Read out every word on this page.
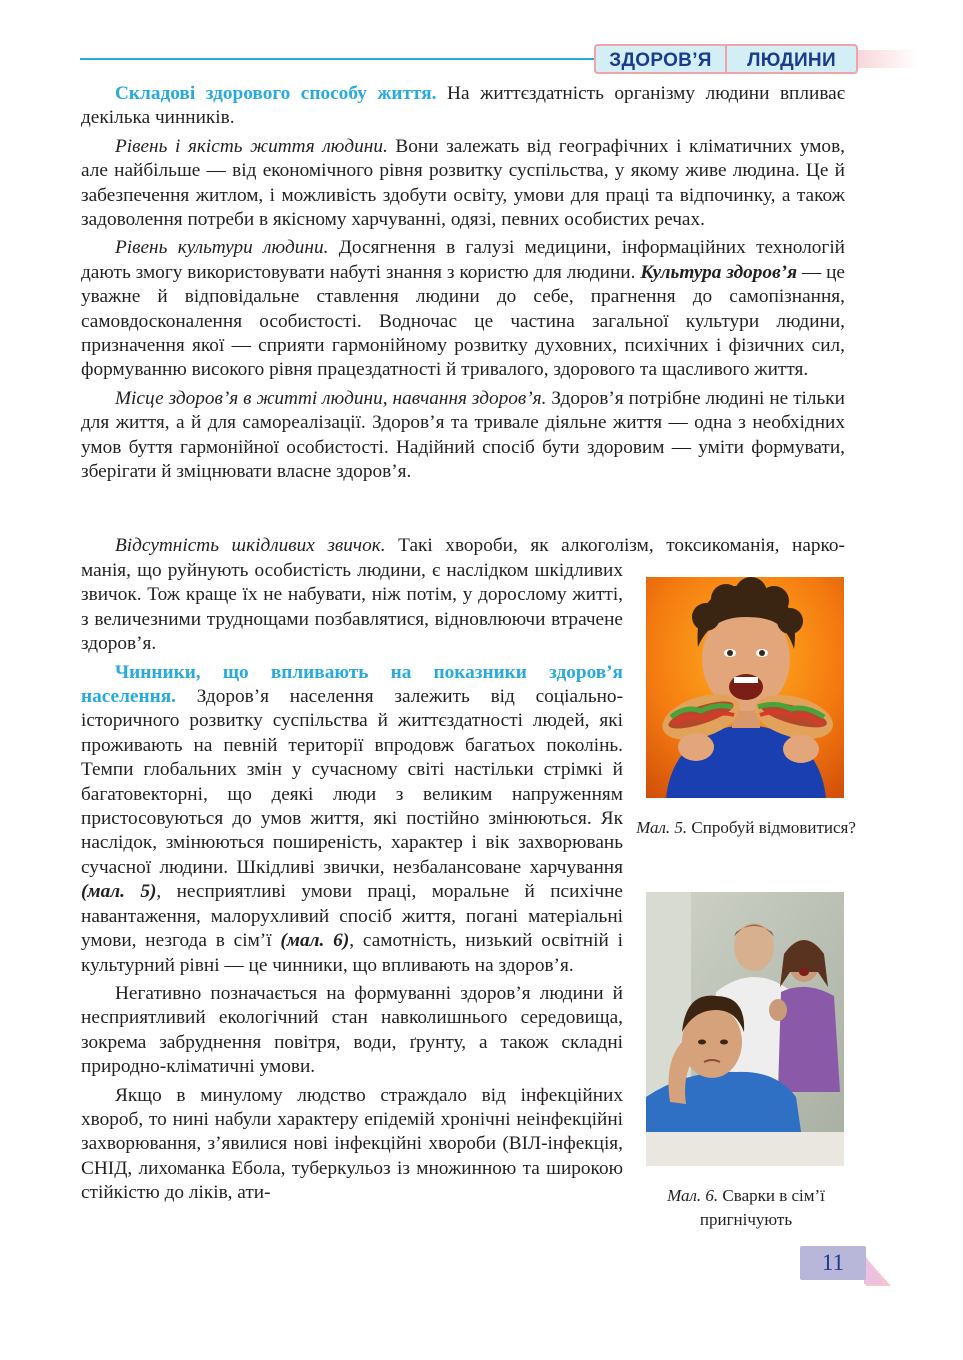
ЗДОРОВ’Я	ЛЮДИНИ

Складові здорового способу життя. На життєздатність організму людини впливає декілька чинників.

Рівень і якість життя людини. Вони залежать від географічних і кліматичних умов, але найбільше — від економічного рівня розвитку суспільства, у якому живе людина. Це й забезпечення житлом, і можливість здобути освіту, умови для праці та відпочинку, а також задоволення потреби в якісному харчуванні, одязі, певних особистих речах.

Рівень культури людини. Досягнення в галузі медицини, інформаційних технологій дають змогу використовувати набуті знання з користю для людини. Культура здоров’я — це уважне й відповідальне ставлення людини до себе, прагнення до самопізнання, самовдосконалення особистості. Водночас це частина загальної культури людини, призначення якої — сприяти гармонійному розвитку духовних, психічних і фізичних сил, формуванню високого рівня працездатності й тривалого, здорового та щасливого життя.

Місце здоров’я в житті людини, навчання здоров’я. Здоров’я потрібне людині не тільки для життя, а й для самореалізації. Здоров’я та тривале діяльне життя — одна з необхідних умов буття гармонійної особистості. Надійний спосіб бути здоровим — уміти формувати, зберігати й зміцнювати власне здоров’я.

Відсутність шкідливих звичок. Такі хвороби, як алкоголізм, токсикоманія, нарко-

манія, що руйнують особистість людини, є наслідком шкідливих звичок. Тож краще їх не набувати, ніж потім, у дорослому житті, з величезними труднощами позбавлятися, відновлюючи втрачене здоров’я.

Чинники, що впливають на показники здоров’я населення. Здоров’я населення залежить від соціально-історичного розвитку суспільства й життєздатності людей, які проживають на певній території впродовж багатьох поколінь. Темпи глобальних змін у сучасному світі настільки стрімкі й багатовекторні, що деякі люди з великим напруженням пристосовуються до умов життя, які постійно змінюються. Як наслідок, змінюються поширеність, характер і вік захворювань сучасної людини. Шкідливі звички, незбалансоване харчування (мал. 5), несприятливі умови праці, моральне й психічне навантаження, малорухливий спосіб життя, погані матеріальні умови, незгода в сім’ї (мал. 6), самотність, низький освітній і культурний рівні — це чинники, що впливають на здоров’я.

Негативно позначається на формуванні здоров’я людини й несприятливий екологічний стан навколишнього середовища, зокрема забруднення повітря, води, ґрунту, а також складні природно-кліматичні умови.

Якщо в минулому людство страждало від інфекційних хвороб, то нині набули характеру епідемій хронічні неінфекційні захворювання, з’явилися нові інфекційні хвороби (ВІЛ-інфекція, СНІД, лихоманка Ебола, туберкульоз із множинною та широкою стійкістю до ліків, ати-

Мал. 5. Спробуй відмовитися?
Мал. 6. Сварки в сім’ї пригнічують
11
